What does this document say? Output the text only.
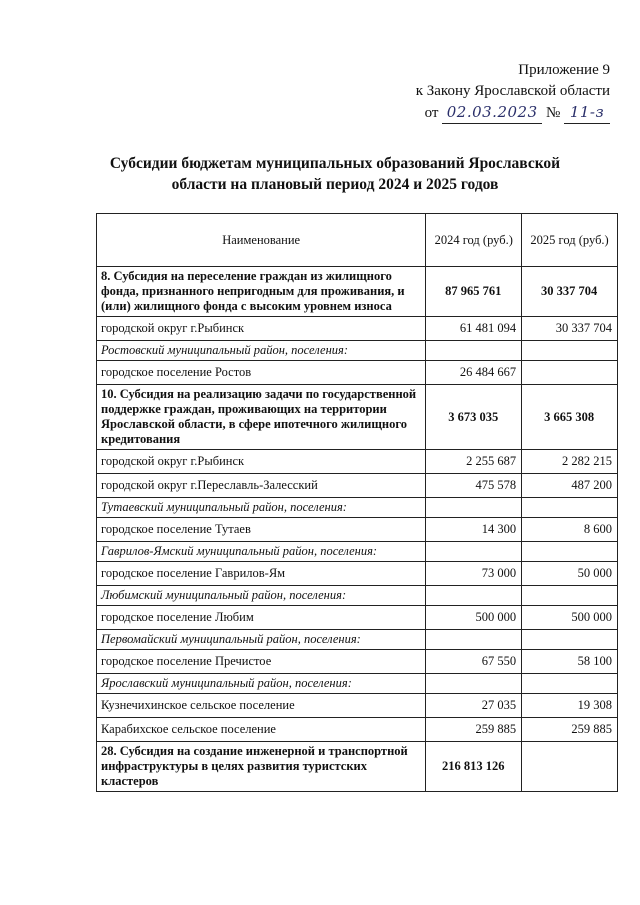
Приложение 9
к Закону Ярославской области
от 02.03.2023 № 11-з
Субсидии бюджетам муниципальных образований Ярославской
области на плановый период 2024 и 2025 годов
Наименование	2024 год (руб.)	2025 год (руб.)
8. Субсидия на переселение граждан из жилищного фонда, признанного непригодным для проживания, и (или) жилищного фонда с высоким уровнем износа	87 965 761	30 337 704
городской округ г.Рыбинск	61 481 094	30 337 704
Ростовский муниципальный район, поселения:		
городское поселение Ростов	26 484 667	
10. Субсидия на реализацию задачи по государственной поддержке граждан, проживающих на территории Ярославской области, в сфере ипотечного жилищного кредитования	3 673 035	3 665 308
городской округ г.Рыбинск	2 255 687	2 282 215
городской округ г.Переславль-Залесский	475 578	487 200
Тутаевский муниципальный район, поселения:		
городское поселение Тутаев	14 300	8 600
Гаврилов-Ямский муниципальный район, поселения:		
городское поселение Гаврилов-Ям	73 000	50 000
Любимский муниципальный район, поселения:		
городское поселение Любим	500 000	500 000
Первомайский муниципальный район, поселения:		
городское поселение Пречистое	67 550	58 100
Ярославский муниципальный район, поселения:		
Кузнечихинское сельское поселение	27 035	19 308
Карабихское сельское поселение	259 885	259 885
28. Субсидия на создание инженерной и транспортной инфраструктуры в целях развития туристских кластеров	216 813 126	
